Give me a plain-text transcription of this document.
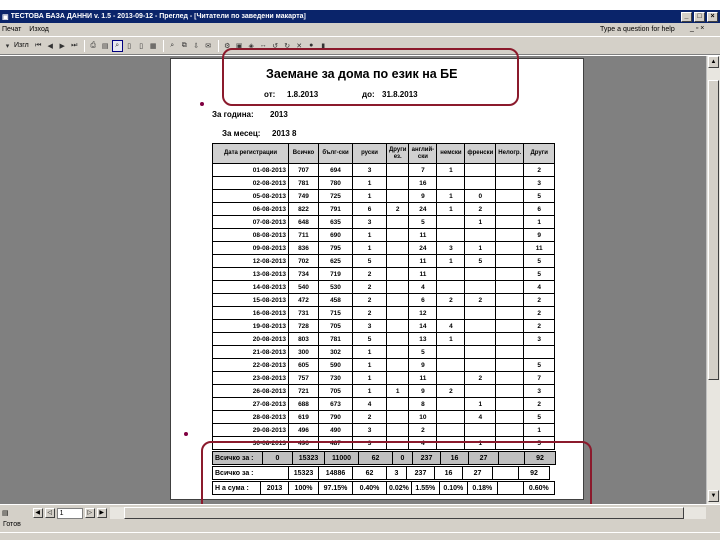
▣ ТЕСТОВА БАЗА ДАННИ v. 1.5 - 2013-09-12 - Преглед - [Читатели по заведени макарта]	_	□	×
Печат Изход	Type a question for help _ ▫ ×
▾ Изгл ⏮ ◀ ▶ ⏭	⎙ ▤ ⌕	▯	▯ ▦	⌕	⧉ ⇩ ✉	⚙ ▣ ◈ ↔ ↺ ↻ ✕ ●	▮
▲
▼
Заемане за дома по език на БЕ
от: 1.8.2013	до: 31.8.2013
За година: 2013
За месец: 2013 8
Дата регистрации	Всичко	бълг-ски	руски	Други ез.	англий-ски	немски	френски	Нелогр.	Други
01-08-2013	707	694	3		7	1			2
02-08-2013	781	780	1		16				3
05-08-2013	749	725	1		9	1	0		5
06-08-2013	822	791	6	2	24	1	2		6
07-08-2013	648	635	3		5		1		1
08-08-2013	711	690	1		11				9
09-08-2013	836	795	1		24	3	1		11
12-08-2013	702	625	5		11	1	5		5
13-08-2013	734	719	2		11				5
14-08-2013	540	530	2		4				4
15-08-2013	472	458	2		6	2	2		2
16-08-2013	731	715	2		12				2
19-08-2013	728	705	3		14	4			2
20-08-2013	803	781	5		13	1			3
21-08-2013	300	302	1		5				
22-08-2013	605	590	1		9				5
23-08-2013	757	730	1		11		2		7
26-08-2013	721	705	1	1	9	2			3
27-08-2013	688	673	4		8		1		2
28-08-2013	619	790	2		10		4		5
29-08-2013	496	490	3		2				1
30-08-2013	496	487	3		4		1		5
Всичко за :	0	15323	11000	62	0	237	16	27		92
Всичко за :	15323	14886	62	3	237	16	27		92
Н а сума :	2013	100%	97.15%	0.40%	0.02%	1.55%	0.10%	0.18%		0.60%
▤	◀	◁	1	▷	▶
Готов
